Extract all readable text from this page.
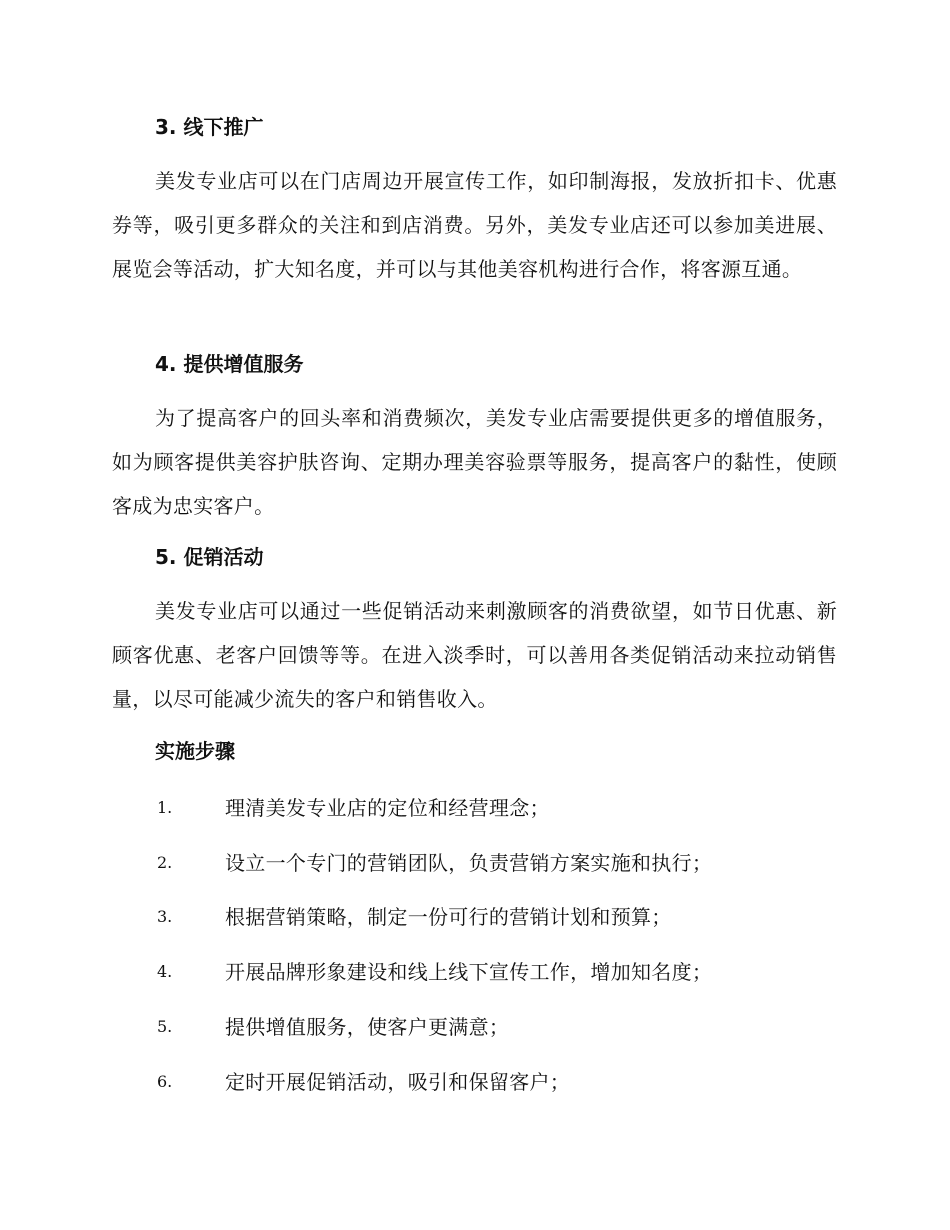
3. 线下推广
美发专业店可以在门店周边开展宣传工作，如印制海报，发放折扣卡、优惠券等，吸引更多群众的关注和到店消费。另外，美发专业店还可以参加美进展、展览会等活动，扩大知名度，并可以与其他美容机构进行合作，将客源互通。
4. 提供增值服务
为了提高客户的回头率和消费频次，美发专业店需要提供更多的增值服务，如为顾客提供美容护肤咨询、定期办理美容验票等服务，提高客户的黏性，使顾客成为忠实客户。
5. 促销活动
美发专业店可以通过一些促销活动来刺激顾客的消费欲望，如节日优惠、新顾客优惠、老客户回馈等等。在进入淡季时，可以善用各类促销活动来拉动销售量，以尽可能减少流失的客户和销售收入。
实施步骤
1.	理清美发专业店的定位和经营理念；
2.	设立一个专门的营销团队，负责营销方案实施和执行；
3.	根据营销策略，制定一份可行的营销计划和预算；
4.	开展品牌形象建设和线上线下宣传工作，增加知名度；
5.	提供增值服务，使客户更满意；
6.	定时开展促销活动，吸引和保留客户；
